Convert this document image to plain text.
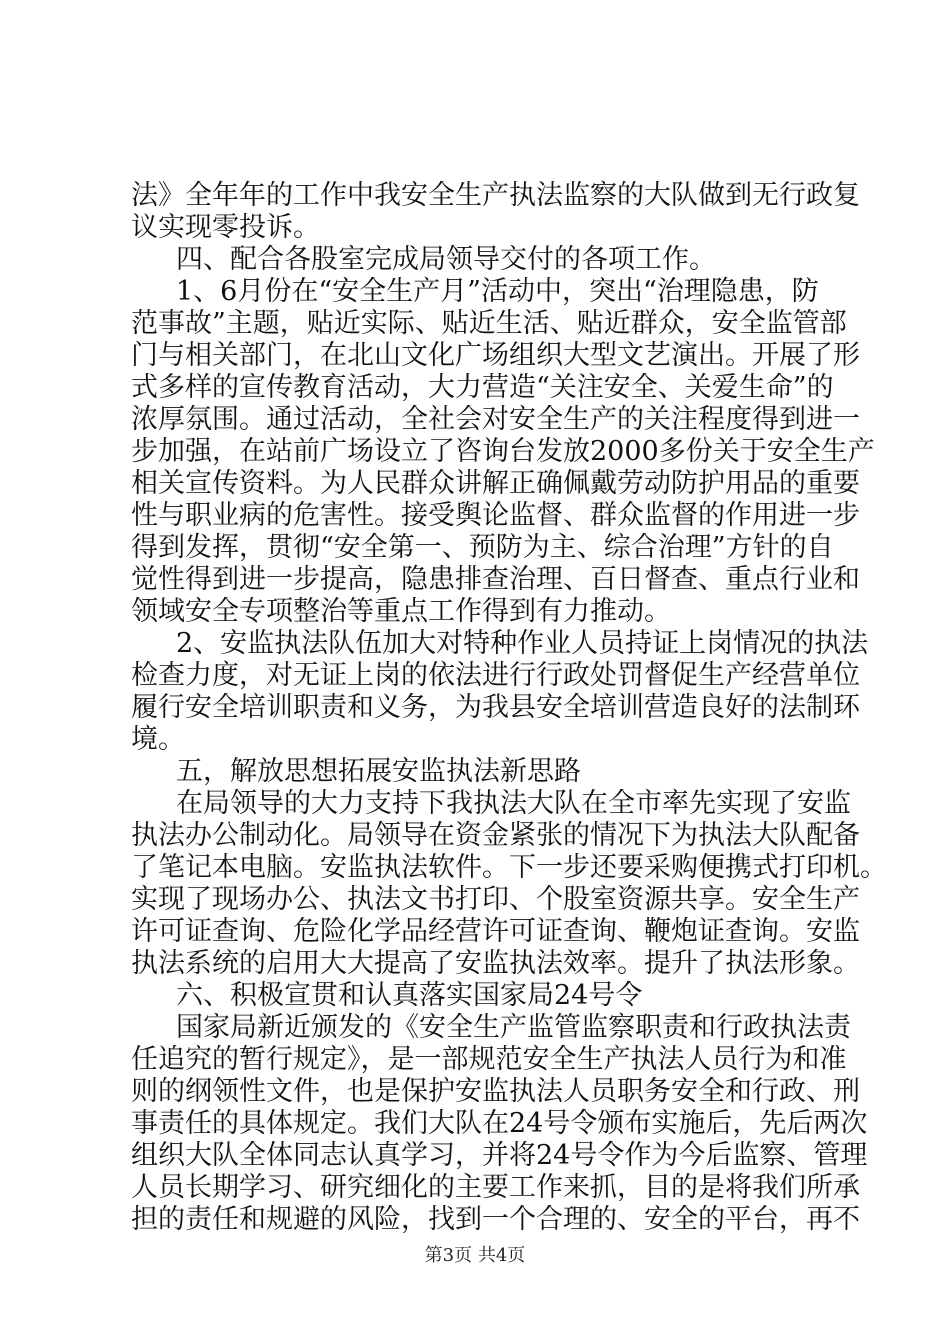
法》全年年的工作中我安全生产执法监察的大队做到无行政复
议实现零投诉。
四、配合各股室完成局领导交付的各项工作。
1、6月份在“安全生产月”活动中，突出“治理隐患，防
范事故”主题，贴近实际、贴近生活、贴近群众，安全监管部
门与相关部门，在北山文化广场组织大型文艺演出。开展了形
式多样的宣传教育活动，大力营造“关注安全、关爱生命”的
浓厚氛围。通过活动，全社会对安全生产的关注程度得到进一
步加强，在站前广场设立了咨询台发放2000多份关于安全生产
相关宣传资料。为人民群众讲解正确佩戴劳动防护用品的重要
性与职业病的危害性。接受舆论监督、群众监督的作用进一步
得到发挥，贯彻“安全第一、预防为主、综合治理”方针的自
觉性得到进一步提高，隐患排查治理、百日督查、重点行业和
领域安全专项整治等重点工作得到有力推动。
2、安监执法队伍加大对特种作业人员持证上岗情况的执法
检查力度，对无证上岗的依法进行行政处罚督促生产经营单位
履行安全培训职责和义务，为我县安全培训营造良好的法制环
境。
五，解放思想拓展安监执法新思路
在局领导的大力支持下我执法大队在全市率先实现了安监
执法办公制动化。局领导在资金紧张的情况下为执法大队配备
了笔记本电脑。安监执法软件。下一步还要采购便携式打印机。
实现了现场办公、执法文书打印、个股室资源共享。安全生产
许可证查询、危险化学品经营许可证查询、鞭炮证查询。安监
执法系统的启用大大提高了安监执法效率。提升了执法形象。
六、积极宣贯和认真落实国家局24号令
国家局新近颁发的《安全生产监管监察职责和行政执法责
任追究的暂行规定》，是一部规范安全生产执法人员行为和准
则的纲领性文件，也是保护安监执法人员职务安全和行政、刑
事责任的具体规定。我们大队在24号令颁布实施后，先后两次
组织大队全体同志认真学习，并将24号令作为今后监察、管理
人员长期学习、研究细化的主要工作来抓，目的是将我们所承
担的责任和规避的风险，找到一个合理的、安全的平台，再不
第3页 共4页
